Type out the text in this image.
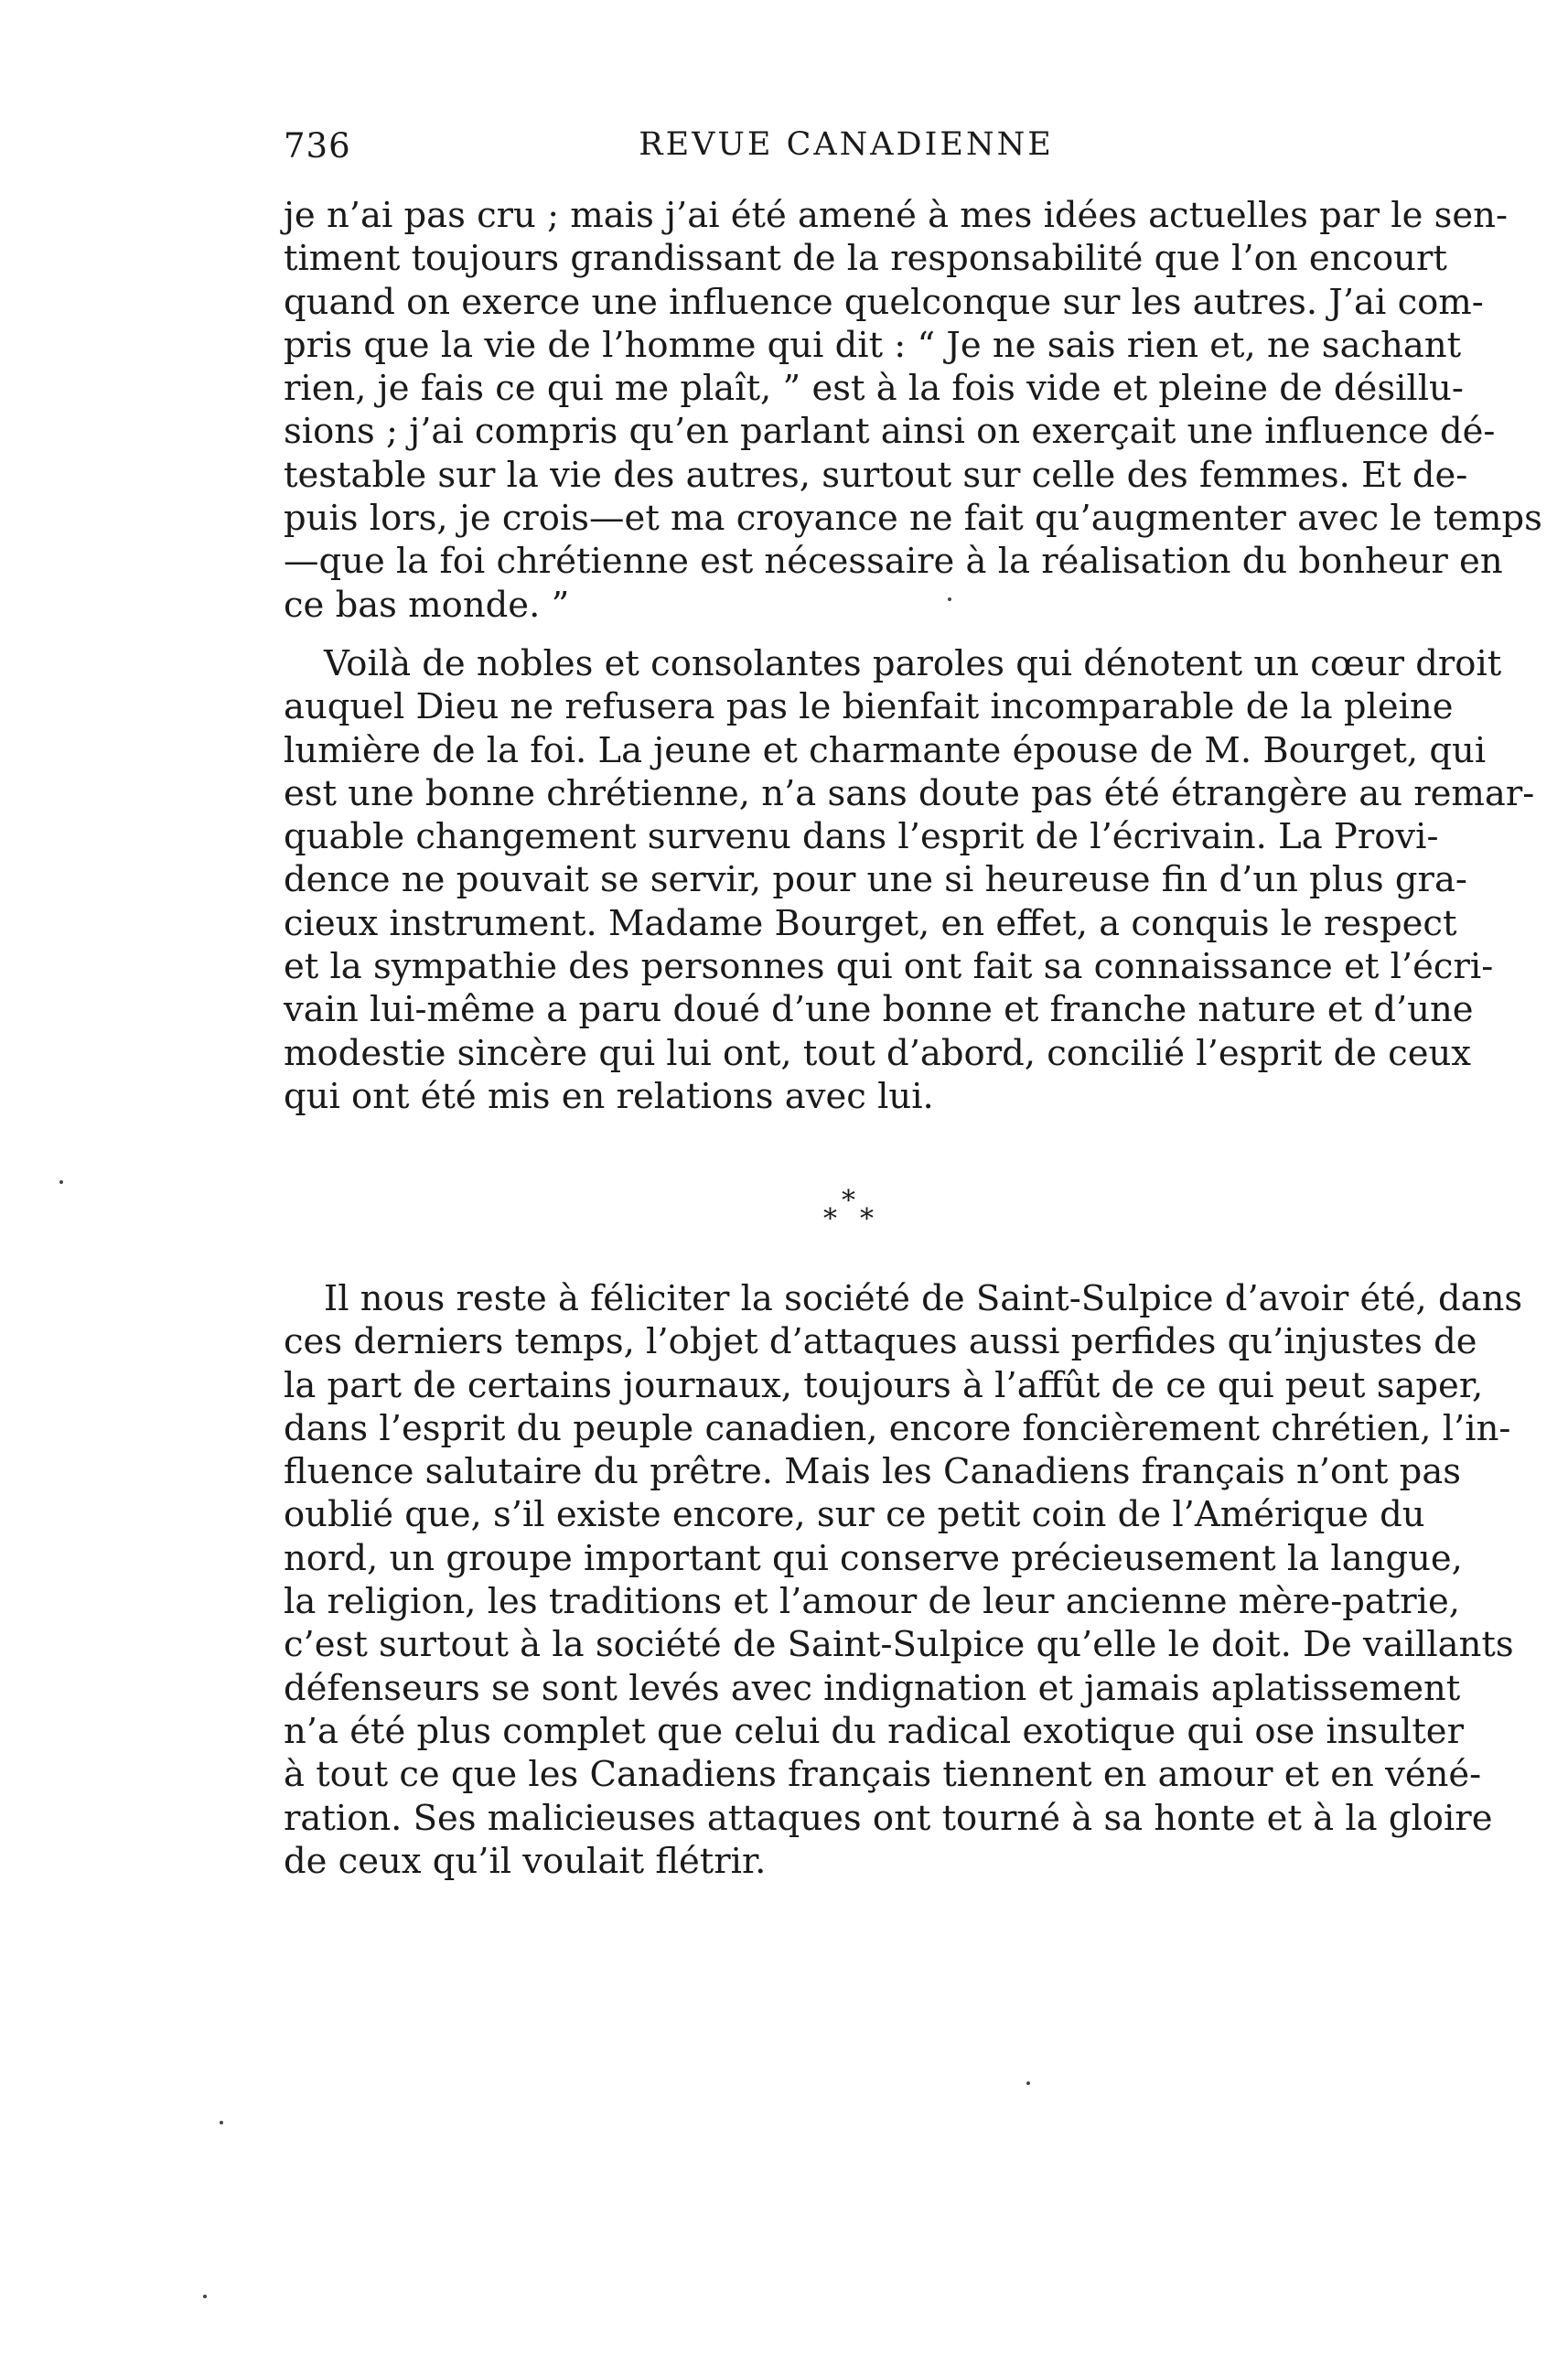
736	REVUE CANADIENNE
je n’ai pas cru ; mais j’ai été amené à mes idées actuelles par le sen-
timent toujours grandissant de la responsabilité que l’on encourt
quand on exerce une influence quelconque sur les autres. J’ai com-
pris que la vie de l’homme qui dit : “ Je ne sais rien et, ne sachant
rien, je fais ce qui me plaît, ” est à la fois vide et pleine de désillu-
sions ; j’ai compris qu’en parlant ainsi on exerçait une influence dé-
testable sur la vie des autres, surtout sur celle des femmes. Et de-
puis lors, je crois—et ma croyance ne fait qu’augmenter avec le temps
—que la foi chrétienne est nécessaire à la réalisation du bonheur en
ce bas monde. ”
Voilà de nobles et consolantes paroles qui dénotent un cœur droit
auquel Dieu ne refusera pas le bienfait incomparable de la pleine
lumière de la foi. La jeune et charmante épouse de M. Bourget, qui
est une bonne chrétienne, n’a sans doute pas été étrangère au remar-
quable changement survenu dans l’esprit de l’écrivain. La Provi-
dence ne pouvait se servir, pour une si heureuse fin d’un plus gra-
cieux instrument. Madame Bourget, en effet, a conquis le respect
et la sympathie des personnes qui ont fait sa connaissance et l’écri-
vain lui-même a paru doué d’une bonne et franche nature et d’une
modestie sincère qui lui ont, tout d’abord, concilié l’esprit de ceux
qui ont été mis en relations avec lui.
*
* *
Il nous reste à féliciter la société de Saint-Sulpice d’avoir été, dans
ces derniers temps, l’objet d’attaques aussi perfides qu’injustes de
la part de certains journaux, toujours à l’affût de ce qui peut saper,
dans l’esprit du peuple canadien, encore foncièrement chrétien, l’in-
fluence salutaire du prêtre. Mais les Canadiens français n’ont pas
oublié que, s’il existe encore, sur ce petit coin de l’Amérique du
nord, un groupe important qui conserve précieusement la langue,
la religion, les traditions et l’amour de leur ancienne mère-patrie,
c’est surtout à la société de Saint-Sulpice qu’elle le doit. De vaillants
défenseurs se sont levés avec indignation et jamais aplatissement
n’a été plus complet que celui du radical exotique qui ose insulter
à tout ce que les Canadiens français tiennent en amour et en véné-
ration. Ses malicieuses attaques ont tourné à sa honte et à la gloire
de ceux qu’il voulait flétrir.
